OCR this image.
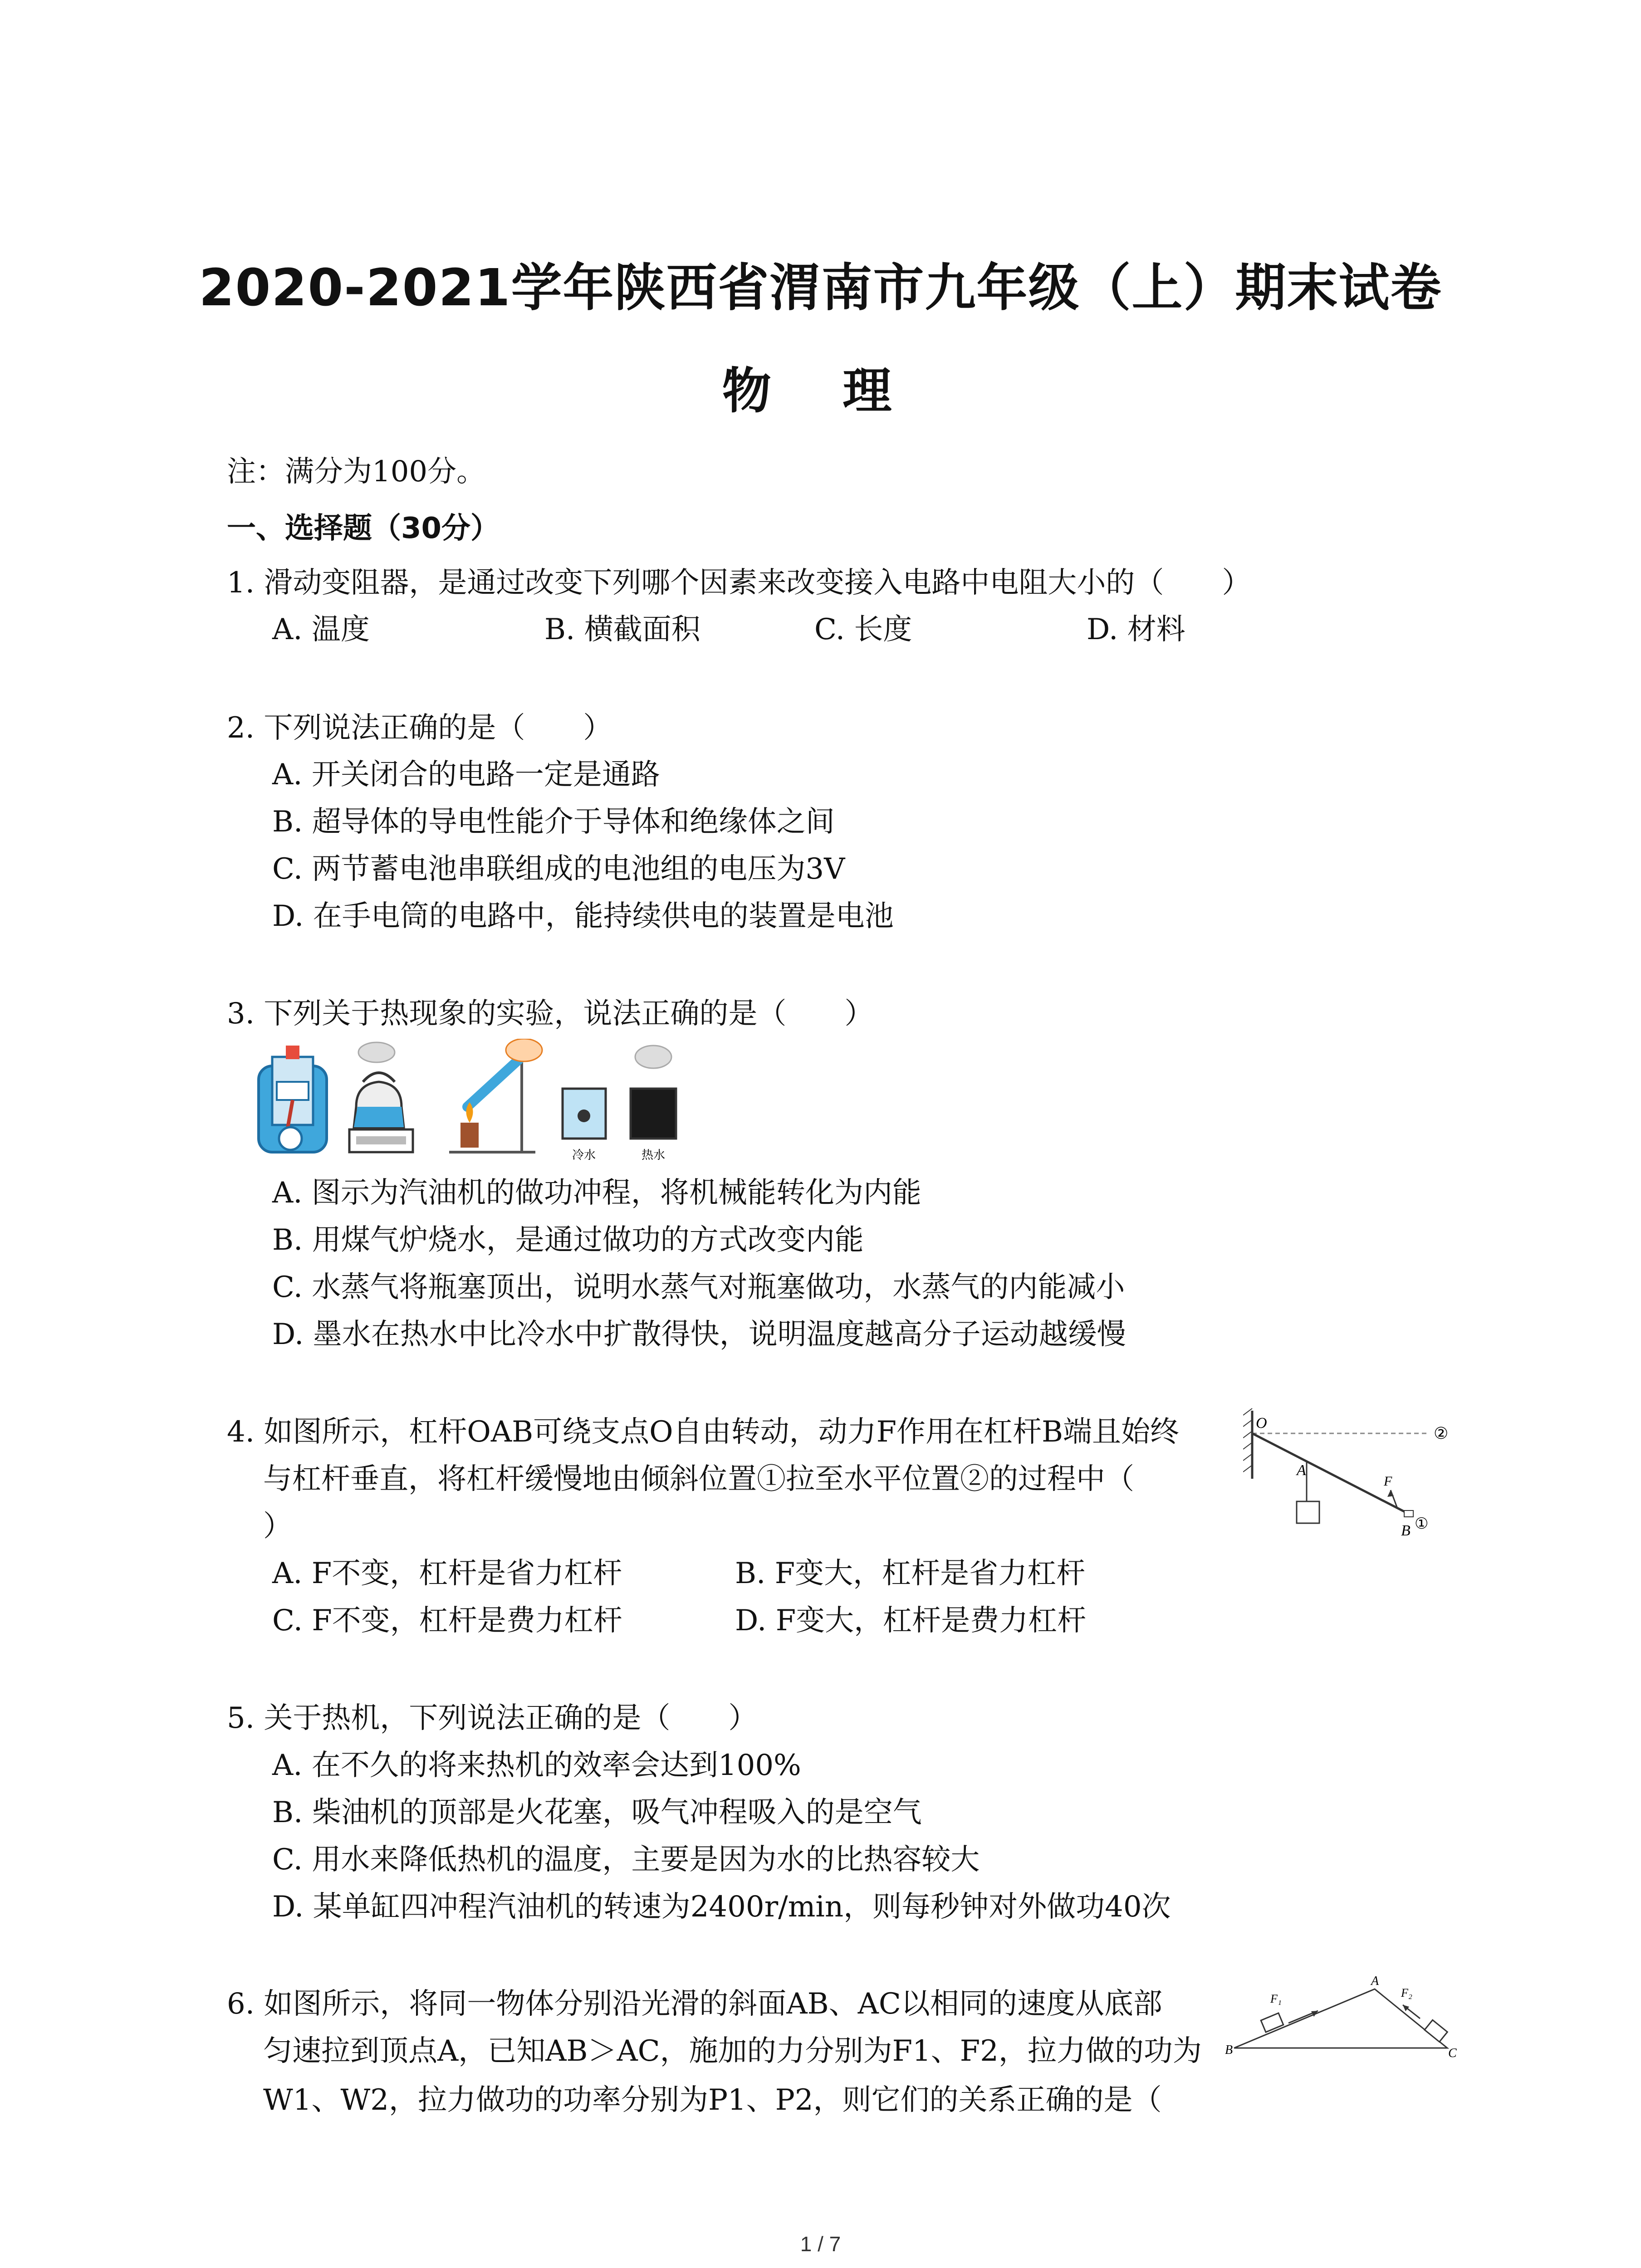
2020-2021学年陕西省渭南市九年级（上）期末试卷
物 理
注：满分为100分。
一、选择题（30分）
1. 滑动变阻器，是通过改变下列哪个因素来改变接入电路中电阻大小的（　　）
A. 温度	B. 横截面积	C. 长度	D. 材料
2. 下列说法正确的是（　　）
A. 开关闭合的电路一定是通路
B. 超导体的导电性能介于导体和绝缘体之间
C. 两节蓄电池串联组成的电池组的电压为3V
D. 在手电筒的电路中，能持续供电的装置是电池
3. 下列关于热现象的实验，说法正确的是（　　）
冷水	热水
A. 图示为汽油机的做功冲程，将机械能转化为内能
B. 用煤气炉烧水，是通过做功的方式改变内能
C. 水蒸气将瓶塞顶出，说明水蒸气对瓶塞做功，水蒸气的内能减小
D. 墨水在热水中比冷水中扩散得快，说明温度越高分子运动越缓慢
4. 如图所示，杠杆OAB可绕支点O自由转动，动力F作用在杠杆B端且始终
与杠杆垂直，将杠杆缓慢地由倾斜位置①拉至水平位置②的过程中（
）
O
A
B
F
①
②
A. F不变，杠杆是省力杠杆	B. F变大，杠杆是省力杠杆
C. F不变，杠杆是费力杠杆	D. F变大，杠杆是费力杠杆
5. 关于热机，下列说法正确的是（　　）
A. 在不久的将来热机的效率会达到100%
B. 柴油机的顶部是火花塞，吸气冲程吸入的是空气
C. 用水来降低热机的温度，主要是因为水的比热容较大
D. 某单缸四冲程汽油机的转速为2400r/min，则每秒钟对外做功40次
6. 如图所示，将同一物体分别沿光滑的斜面AB、AC以相同的速度从底部
匀速拉到顶点A，已知AB＞AC，施加的力分别为F1、F2，拉力做的功为
W1、W2，拉力做功的功率分别为P1、P2，则它们的关系正确的是（
A
B	C
F₁	F₂
1 / 7
